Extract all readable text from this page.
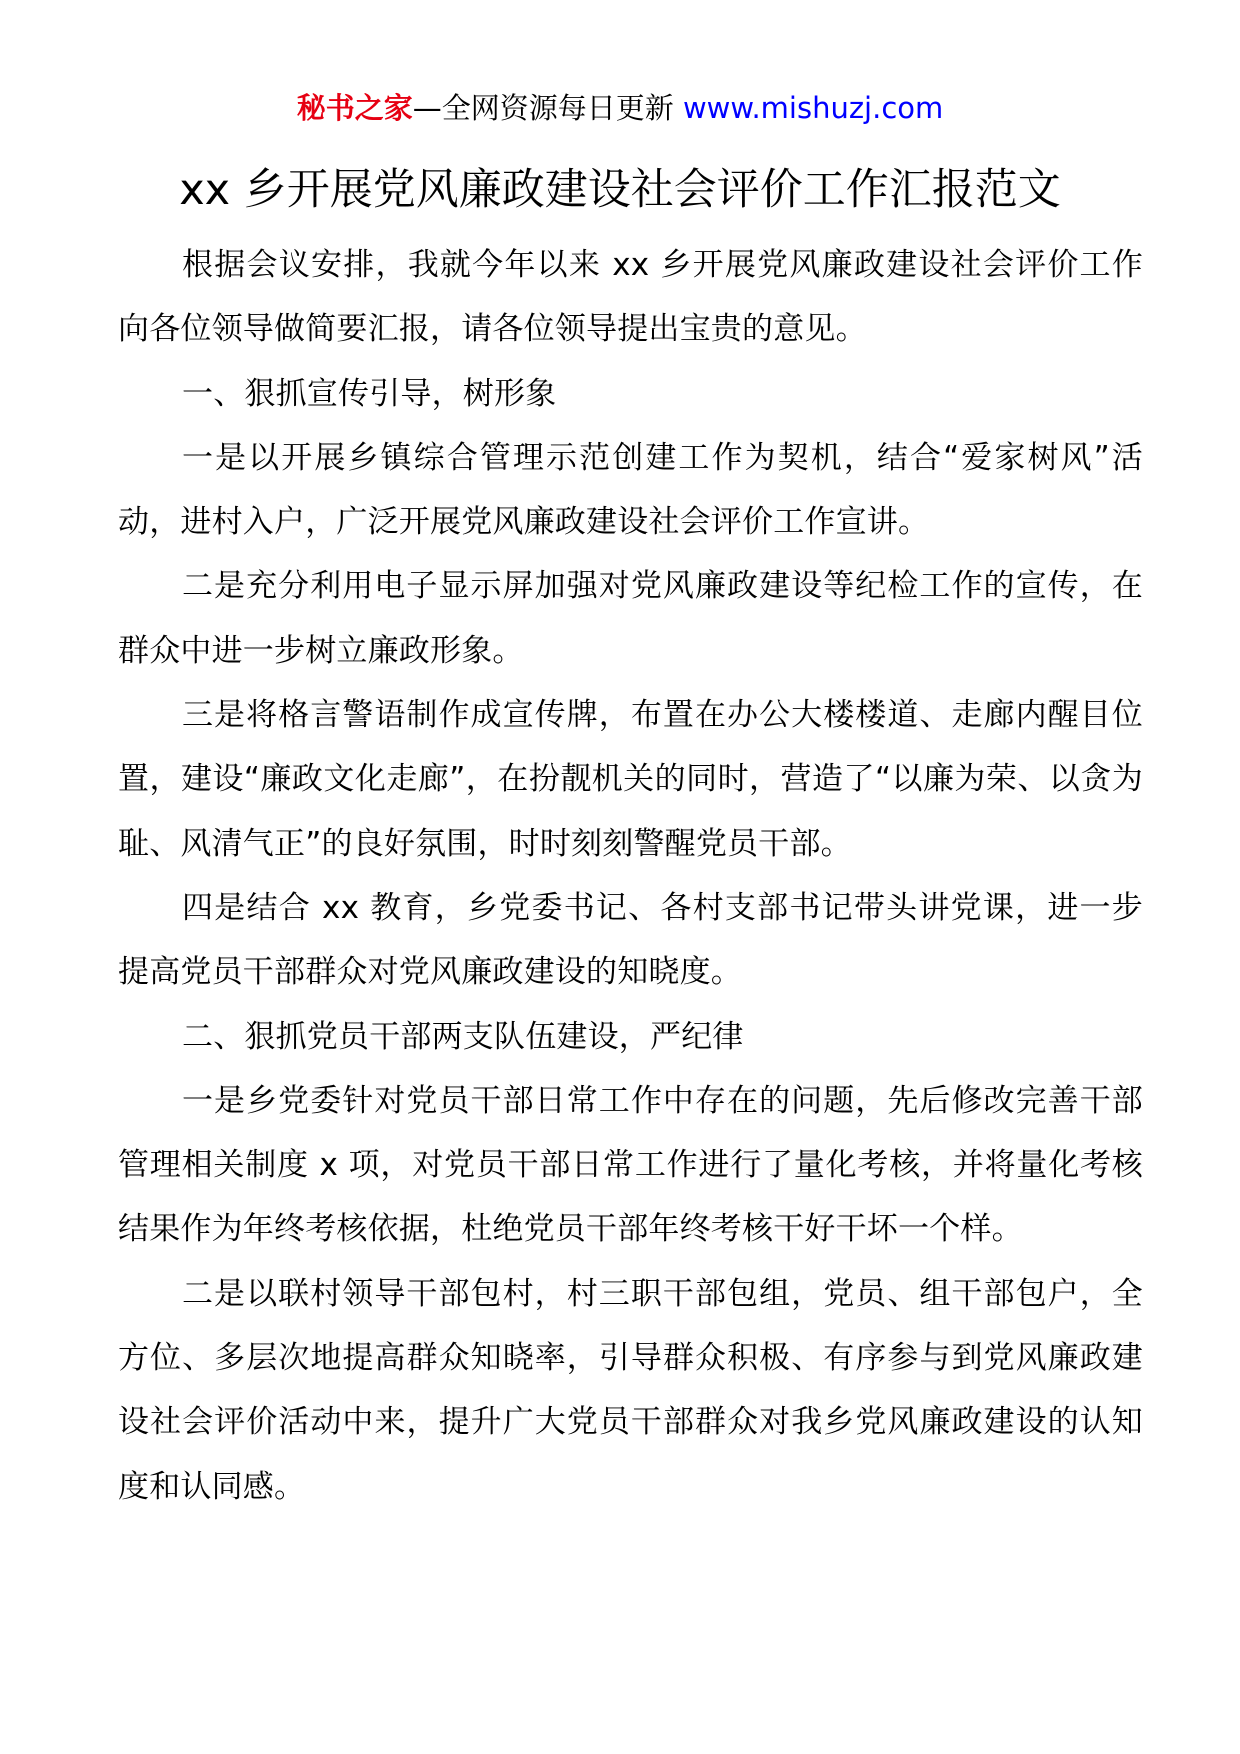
秘书之家—全网资源每日更新 www.mishuzj.com
xx 乡开展党风廉政建设社会评价工作汇报范文

根据会议安排，我就今年以来 xx 乡开展党风廉政建设社会评价工作向各位领导做简要汇报，请各位领导提出宝贵的意见。

一、狠抓宣传引导，树形象

一是以开展乡镇综合管理示范创建工作为契机，结合“爱家树风”活动，进村入户，广泛开展党风廉政建设社会评价工作宣讲。

二是充分利用电子显示屏加强对党风廉政建设等纪检工作的宣传，在群众中进一步树立廉政形象。

三是将格言警语制作成宣传牌，布置在办公大楼楼道、走廊内醒目位置，建设“廉政文化走廊”，在扮靓机关的同时，营造了“以廉为荣、以贪为耻、风清气正”的良好氛围，时时刻刻警醒党员干部。

四是结合 xx 教育，乡党委书记、各村支部书记带头讲党课，进一步提高党员干部群众对党风廉政建设的知晓度。

二、狠抓党员干部两支队伍建设，严纪律

一是乡党委针对党员干部日常工作中存在的问题，先后修改完善干部管理相关制度 x 项，对党员干部日常工作进行了量化考核，并将量化考核结果作为年终考核依据，杜绝党员干部年终考核干好干坏一个样。

二是以联村领导干部包村，村三职干部包组，党员、组干部包户，全方位、多层次地提高群众知晓率，引导群众积极、有序参与到党风廉政建设社会评价活动中来，提升广大党员干部群众对我乡党风廉政建设的认知度和认同感。
